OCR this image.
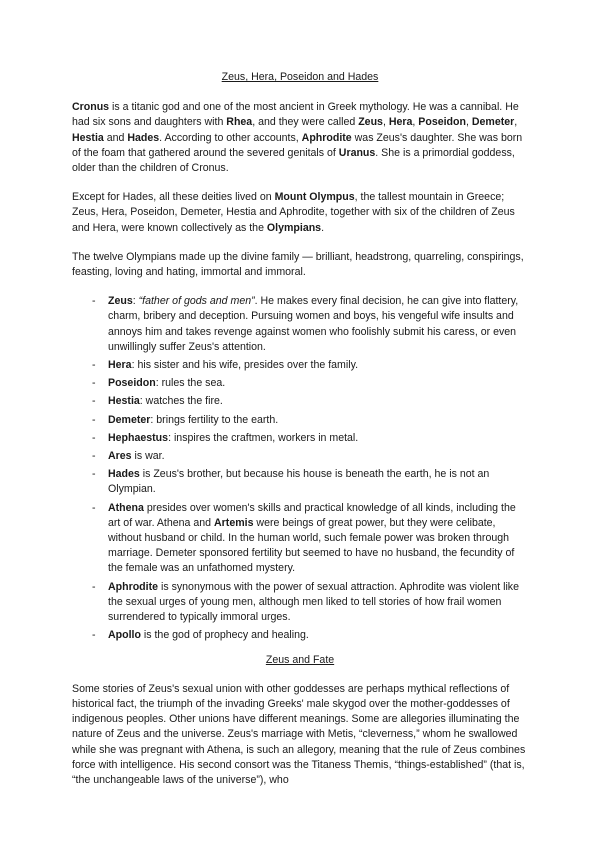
Zeus, Hera, Poseidon and Hades

Cronus is a titanic god and one of the most ancient in Greek mythology. He was a cannibal. He had six sons and daughters with Rhea, and they were called Zeus, Hera, Poseidon, Demeter, Hestia and Hades. According to other accounts, Aphrodite was Zeus's daughter. She was born of the foam that gathered around the severed genitals of Uranus. She is a primordial goddess, older than the children of Cronus.

Except for Hades, all these deities lived on Mount Olympus, the tallest mountain in Greece; Zeus, Hera, Poseidon, Demeter, Hestia and Aphrodite, together with six of the children of Zeus and Hera, were known collectively as the Olympians.

The twelve Olympians made up the divine family — brilliant, headstrong, quarreling, conspirings, feasting, loving and hating, immortal and immoral.

- Zeus: “father of gods and men”. He makes every final decision, he can give into flattery, charm, bribery and deception. Pursuing women and boys, his vengeful wife insults and annoys him and takes revenge against women who foolishly submit his caress, or even unwillingly suffer Zeus's attention.
- Hera: his sister and his wife, presides over the family.
- Poseidon: rules the sea.
- Hestia: watches the fire.
- Demeter: brings fertility to the earth.
- Hephaestus: inspires the craftmen, workers in metal.
- Ares is war.
- Hades is Zeus's brother, but because his house is beneath the earth, he is not an Olympian.
- Athena presides over women's skills and practical knowledge of all kinds, including the art of war. Athena and Artemis were beings of great power, but they were celibate, without husband or child. In the human world, such female power was broken through marriage. Demeter sponsored fertility but seemed to have no husband, the fecundity of the female was an unfathomed mystery.
- Aphrodite is synonymous with the power of sexual attraction. Aphrodite was violent like the sexual urges of young men, although men liked to tell stories of how frail women surrendered to typically immoral urges.
- Apollo is the god of prophecy and healing.
Zeus and Fate

Some stories of Zeus's sexual union with other goddesses are perhaps mythical reflections of historical fact, the triumph of the invading Greeks' male skygod over the mother-goddesses of indigenous peoples. Other unions have different meanings. Some are allegories illuminating the nature of Zeus and the universe. Zeus's marriage with Metis, “cleverness,” whom he swallowed while she was pregnant with Athena, is such an allegory, meaning that the rule of Zeus combines force with intelligence. His second consort was the Titaness Themis, “things-established” (that is, “the unchangeable laws of the universe”), who
